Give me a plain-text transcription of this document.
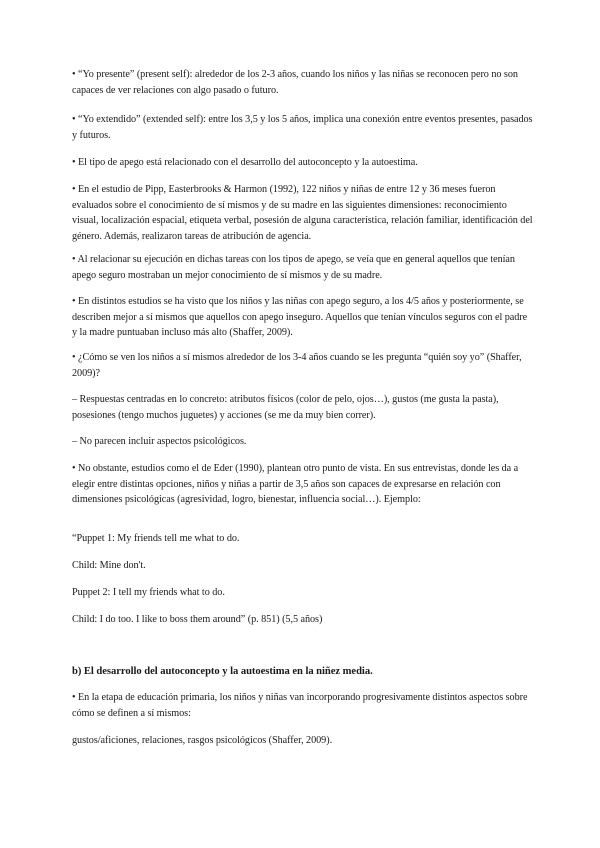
• “Yo presente” (present self): alrededor de los 2-3 años, cuando los niños y las niñas se reconocen pero no son capaces de ver relaciones con algo pasado o futuro.

• “Yo extendido” (extended self): entre los 3,5 y los 5 años, implica una conexión entre eventos presentes, pasados y futuros.

• El tipo de apego está relacionado con el desarrollo del autoconcepto y la autoestima.

• En el estudio de Pipp, Easterbrooks & Harmon (1992), 122 niños y niñas de entre 12 y 36 meses fueron evaluados sobre el conocimiento de sí mismos y de su madre en las siguientes dimensiones: reconocimiento visual, localización espacial, etiqueta verbal, posesión de alguna característica, relación familiar, identificación del género. Además, realizaron tareas de atribución de agencia.

• Al relacionar su ejecución en dichas tareas con los tipos de apego, se veía que en general aquellos que tenían apego seguro mostraban un mejor conocimiento de sí mismos y de su madre.

• En distintos estudios se ha visto que los niños y las niñas con apego seguro, a los 4/5 años y posteriormente, se describen mejor a sí mismos que aquellos con apego inseguro. Aquellos que tenían vínculos seguros con el padre y la madre puntuaban incluso más alto (Shaffer, 2009).

• ¿Cómo se ven los niños a sí mismos alrededor de los 3-4 años cuando se les pregunta “quién soy yo” (Shaffer, 2009)?

– Respuestas centradas en lo concreto: atributos físicos (color de pelo, ojos…), gustos (me gusta la pasta), posesiones (tengo muchos juguetes) y acciones (se me da muy bien correr).

– No parecen incluir aspectos psicológicos.

• No obstante, estudios como el de Eder (1990), plantean otro punto de vista. En sus entrevistas, donde les da a elegir entre distintas opciones, niños y niñas a partir de 3,5 años son capaces de expresarse en relación con dimensiones psicológicas (agresividad, logro, bienestar, influencia social…). Ejemplo:

“Puppet 1: My friends tell me what to do.

Child: Mine don't.

Puppet 2: I tell my friends what to do.

Child: I do too. I like to boss them around” (p. 851) (5,5 años)

b) El desarrollo del autoconcepto y la autoestima en la niñez media.

• En la etapa de educación primaria, los niños y niñas van incorporando progresivamente distintos aspectos sobre cómo se definen a sí mismos:

gustos/aficiones, relaciones, rasgos psicológicos (Shaffer, 2009).
